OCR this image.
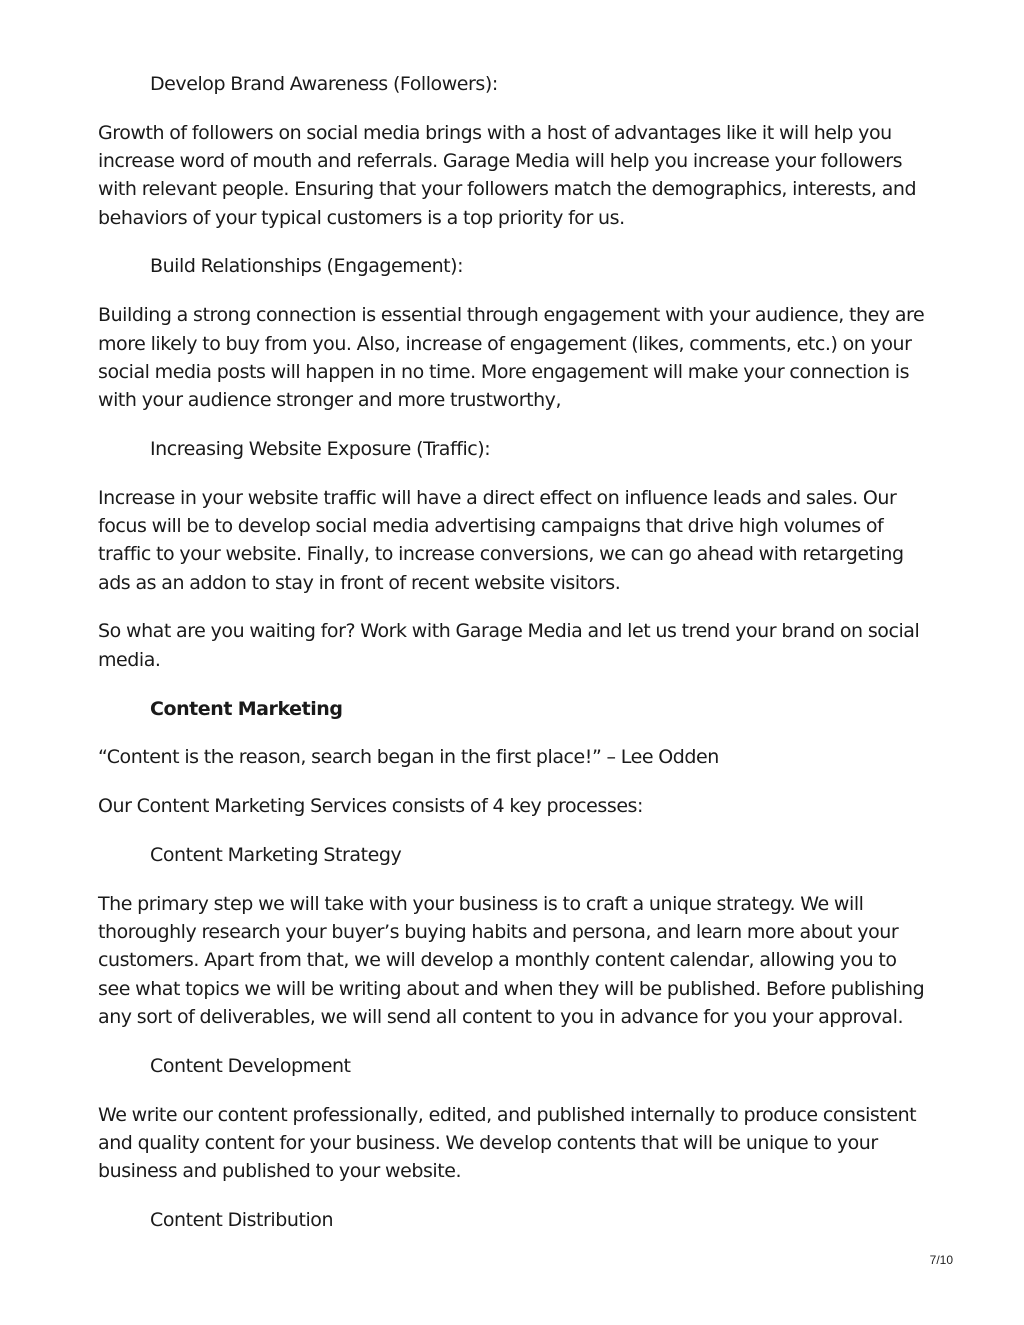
Develop Brand Awareness (Followers):
Growth of followers on social media brings with a host of advantages like it will help you increase word of mouth and referrals. Garage Media will help you increase your followers with relevant people. Ensuring that your followers match the demographics, interests, and behaviors of your typical customers is a top priority for us.
Build Relationships (Engagement):
Building a strong connection is essential through engagement with your audience, they are more likely to buy from you. Also, increase of engagement (likes, comments, etc.) on your social media posts will happen in no time. More engagement will make your connection is with your audience stronger and more trustworthy,
Increasing Website Exposure (Traffic):
Increase in your website traffic will have a direct effect on influence leads and sales. Our focus will be to develop social media advertising campaigns that drive high volumes of traffic to your website. Finally, to increase conversions, we can go ahead with retargeting ads as an addon to stay in front of recent website visitors.
So what are you waiting for? Work with Garage Media and let us trend your brand on social media.
Content Marketing
“Content is the reason, search began in the first place!” – Lee Odden
Our Content Marketing Services consists of 4 key processes:
Content Marketing Strategy
The primary step we will take with your business is to craft a unique strategy. We will thoroughly research your buyer’s buying habits and persona, and learn more about your customers. Apart from that, we will develop a monthly content calendar, allowing you to see what topics we will be writing about and when they will be published. Before publishing any sort of deliverables, we will send all content to you in advance for you your approval.
Content Development
We write our content professionally, edited, and published internally to produce consistent and quality content for your business. We develop contents that will be unique to your business and published to your website.
Content Distribution
7/10
